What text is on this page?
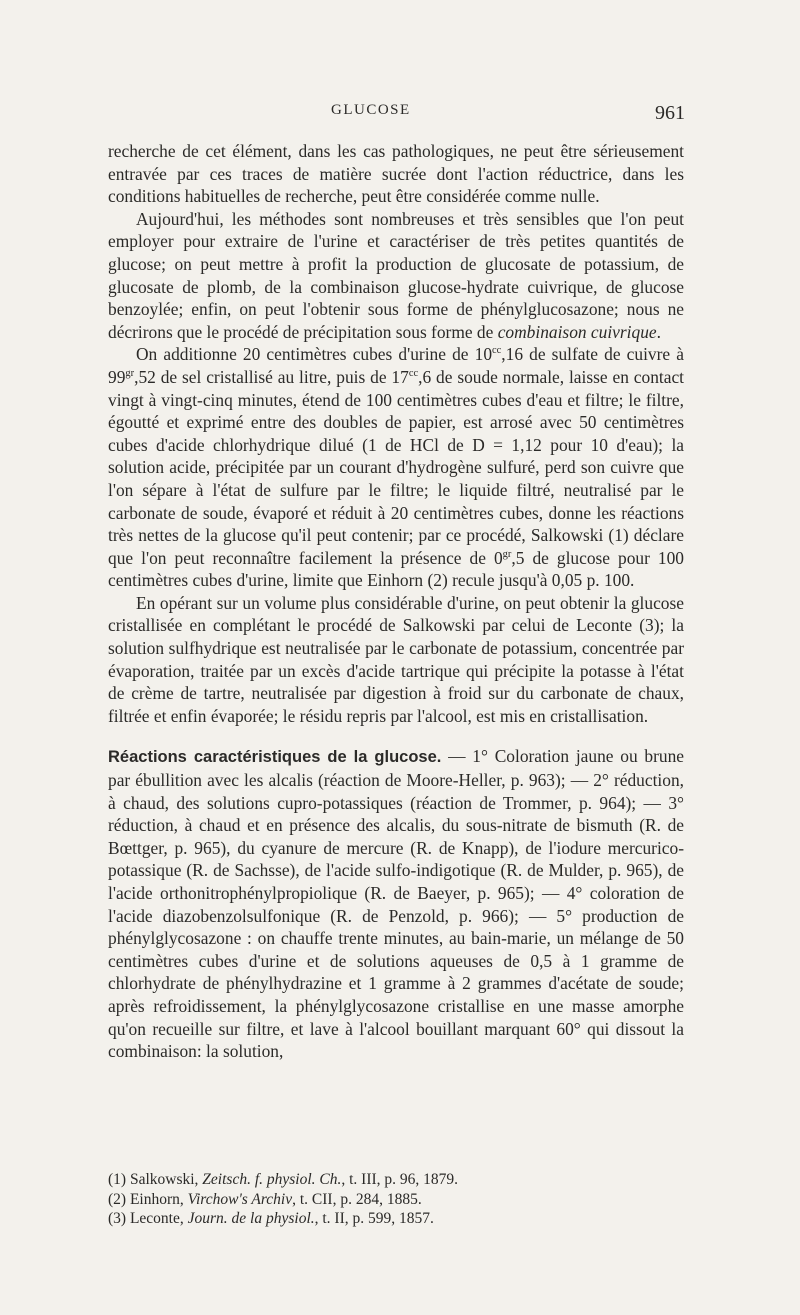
GLUCOSE	961

recherche de cet élément, dans les cas pathologiques, ne peut être sérieusement entravée par ces traces de matière sucrée dont l'action réductrice, dans les conditions habituelles de recherche, peut être considérée comme nulle.

Aujourd'hui, les méthodes sont nombreuses et très sensibles que l'on peut employer pour extraire de l'urine et caractériser de très petites quantités de glucose; on peut mettre à profit la production de glucosate de potassium, de glucosate de plomb, de la combinaison glucose-hydrate cuivrique, de glucose benzoylée; enfin, on peut l'obtenir sous forme de phénylglucosazone; nous ne décrirons que le procédé de précipitation sous forme de combinaison cuivrique.

On additionne 20 centimètres cubes d'urine de $10^{cc},16$ de sulfate de cuivre à $99^{gr},52$ de sel cristallisé au litre, puis de $17^{cc},6$ de soude normale, laisse en contact vingt à vingt-cinq minutes, étend de 100 centimètres cubes d'eau et filtre; le filtre, égoutté et exprimé entre des doubles de papier, est arrosé avec 50 centimètres cubes d'acide chlorhydrique dilué (1 de HCl de D = 1,12 pour 10 d'eau); la solution acide, précipitée par un courant d'hydrogène sulfuré, perd son cuivre que l'on sépare à l'état de sulfure par le filtre; le liquide filtré, neutralisé par le carbonate de soude, évaporé et réduit à 20 centimètres cubes, donne les réactions très nettes de la glucose qu'il peut contenir; par ce procédé, Salkowski (1) déclare que l'on peut reconnaître facilement la présence de $0^{gr},5$ de glucose pour 100 centimètres cubes d'urine, limite que Einhorn (2) recule jusqu'à 0,05 p. 100.

En opérant sur un volume plus considérable d'urine, on peut obtenir la glucose cristallisée en complétant le procédé de Salkowski par celui de Leconte (3); la solution sulfhydrique est neutralisée par le carbonate de potassium, concentrée par évaporation, traitée par un excès d'acide tartrique qui précipite la potasse à l'état de crème de tartre, neutralisée par digestion à froid sur du carbonate de chaux, filtrée et enfin évaporée; le résidu repris par l'alcool, est mis en cristallisation.

Réactions caractéristiques de la glucose. — 1° Coloration jaune ou brune par ébullition avec les alcalis (réaction de Moore-Heller, p. 963); — 2° réduction, à chaud, des solutions cupro-potassiques (réaction de Trommer, p. 964); — 3° réduction, à chaud et en présence des alcalis, du sous-nitrate de bismuth (R. de Bœttger, p. 965), du cyanure de mercure (R. de Knapp), de l'iodure mercurico-potassique (R. de Sachsse), de l'acide sulfo-indigotique (R. de Mulder, p. 965), de l'acide orthonitrophénylpropiolique (R. de Baeyer, p. 965); — 4° coloration de l'acide diazobenzolsulfonique (R. de Penzold, p. 966); — 5° production de phénylglycosazone : on chauffe trente minutes, au bain-marie, un mélange de 50 centimètres cubes d'urine et de solutions aqueuses de 0,5 à 1 gramme de chlorhydrate de phénylhydrazine et 1 gramme à 2 grammes d'acétate de soude; après refroidissement, la phénylglycosazone cristallise en une masse amorphe qu'on recueille sur filtre, et lave à l'alcool bouillant marquant 60° qui dissout la combinaison: la solution,

(1) Salkowski, Zeitsch. f. physiol. Ch., t. III, p. 96, 1879.

(2) Einhorn, Virchow's Archiv, t. CII, p. 284, 1885.

(3) Leconte, Journ. de la physiol., t. II, p. 599, 1857.
